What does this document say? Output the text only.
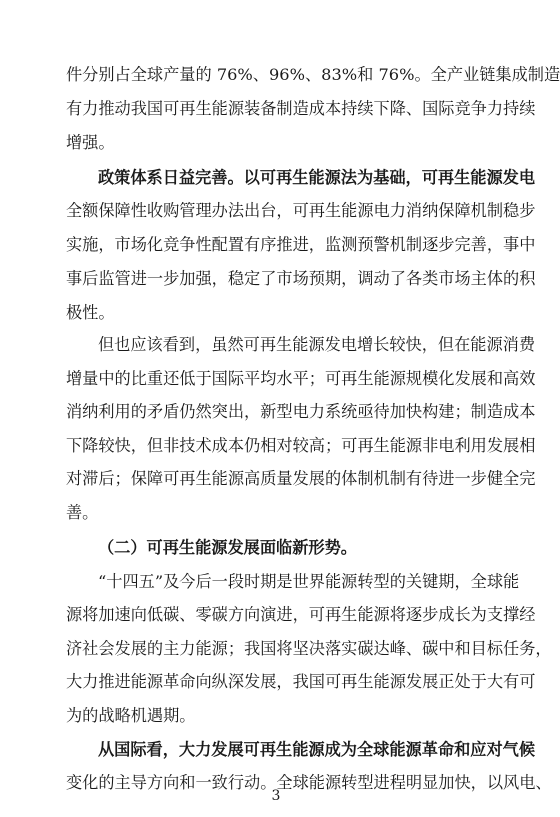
件分别占全球产量的 76%、96%、83%和 76%。全产业链集成制造
有力推动我国可再生能源装备制造成本持续下降、国际竞争力持续
增强。
政策体系日益完善。以可再生能源法为基础，可再生能源发电
全额保障性收购管理办法出台，可再生能源电力消纳保障机制稳步
实施，市场化竞争性配置有序推进，监测预警机制逐步完善，事中
事后监管进一步加强，稳定了市场预期，调动了各类市场主体的积
极性。
但也应该看到，虽然可再生能源发电增长较快，但在能源消费
增量中的比重还低于国际平均水平；可再生能源规模化发展和高效
消纳利用的矛盾仍然突出，新型电力系统亟待加快构建；制造成本
下降较快，但非技术成本仍相对较高；可再生能源非电利用发展相
对滞后；保障可再生能源高质量发展的体制机制有待进一步健全完
善。
（二）可再生能源发展面临新形势。
“十四五”及今后一段时期是世界能源转型的关键期，全球能
源将加速向低碳、零碳方向演进，可再生能源将逐步成长为支撑经
济社会发展的主力能源；我国将坚决落实碳达峰、碳中和目标任务，
大力推进能源革命向纵深发展，我国可再生能源发展正处于大有可
为的战略机遇期。
从国际看，大力发展可再生能源成为全球能源革命和应对气候
变化的主导方向和一致行动。全球能源转型进程明显加快，以风电、
3
